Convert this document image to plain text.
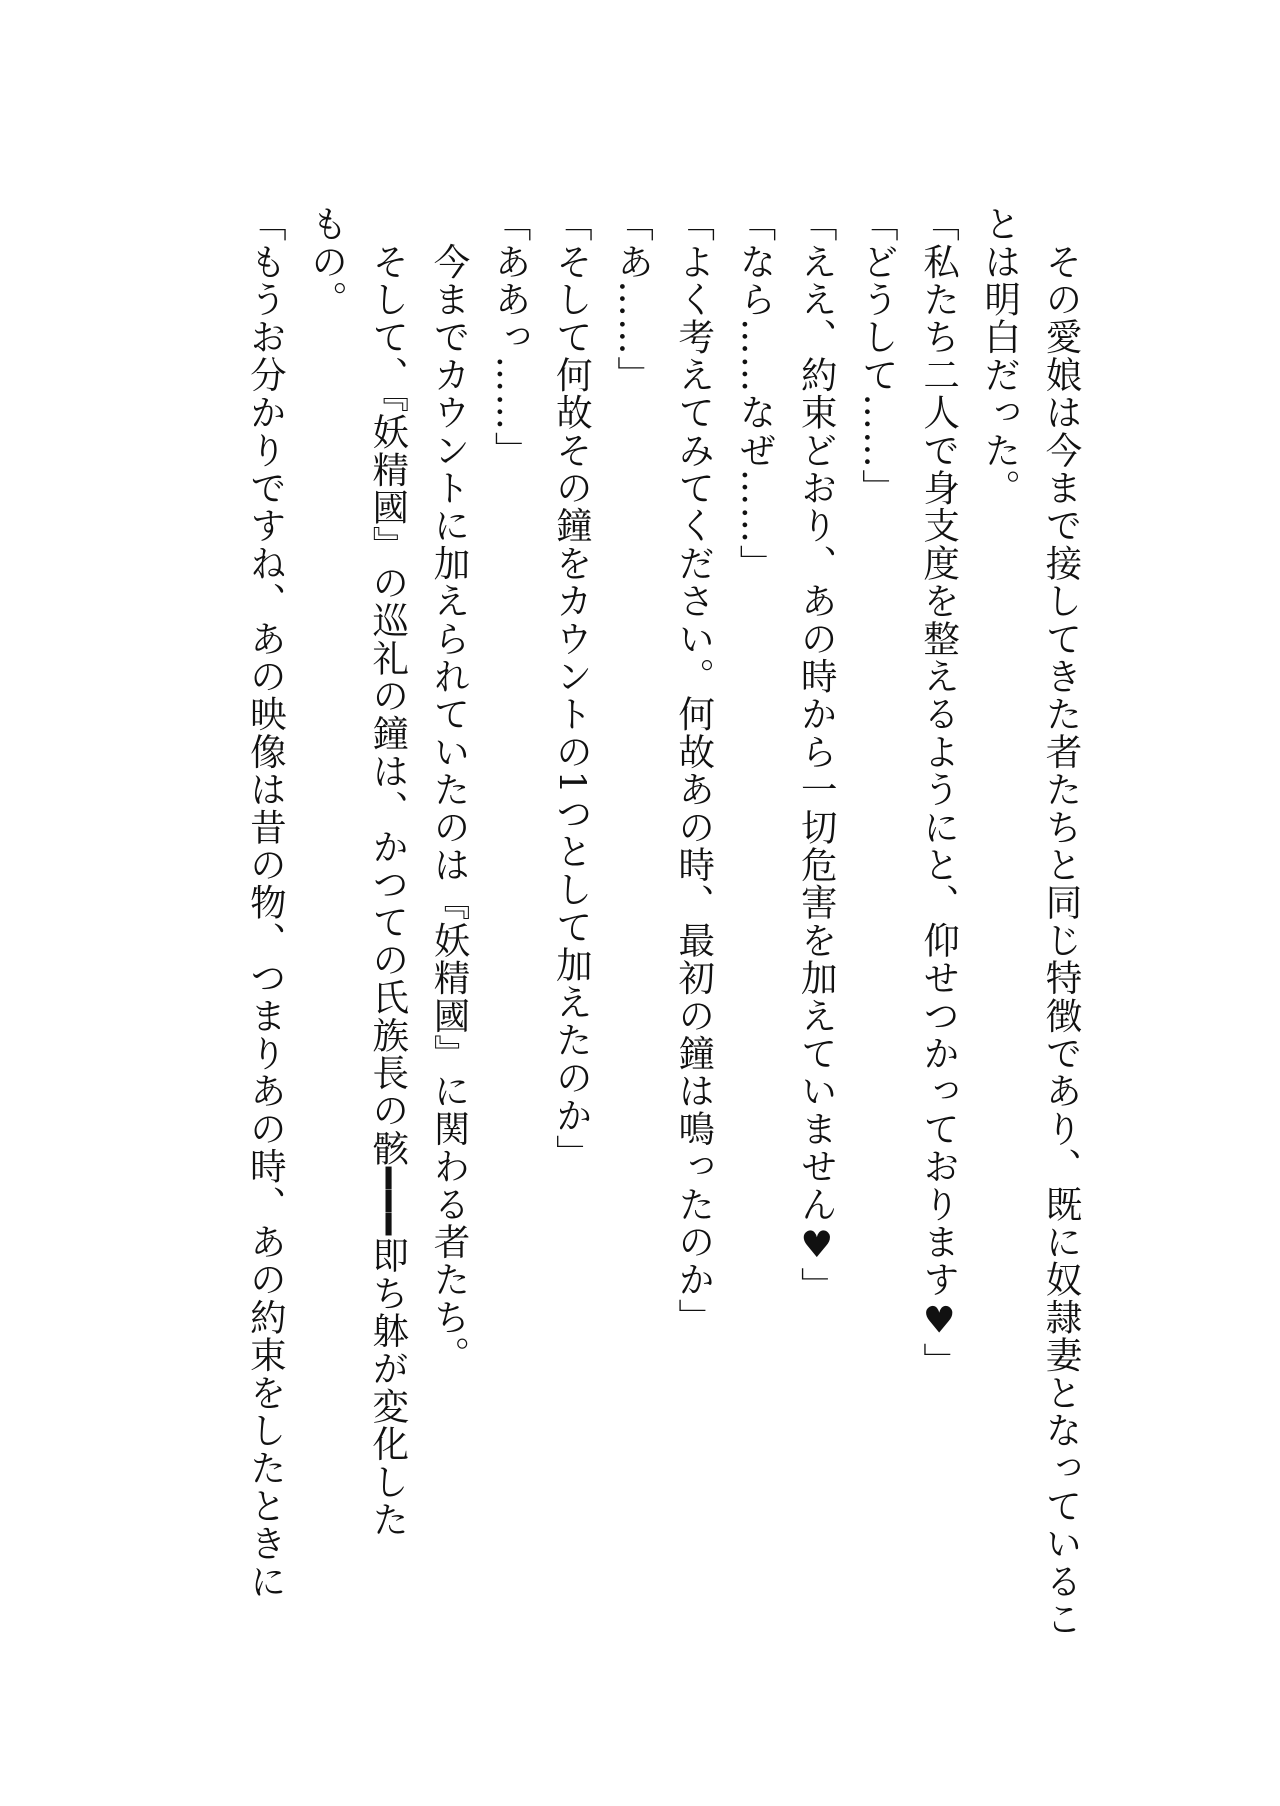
　その愛娘は今まで接してきた者たちと同じ特徴であり、既に奴隷妻となっているこ
とは明白だった。
「私たち二人で身支度を整えるようにと、仰せつかっております♥」
「どうして……」
「ええ、約束どおり、あの時から一切危害を加えていません♥」
「なら……なぜ……」
「よく考えてみてください。何故あの時、最初の鐘は鳴ったのか」
「あ……」
「そして何故その鐘をカウントの1つとして加えたのか」
「ああっ……」
　今までカウントに加えられていたのは『妖精國』に関わる者たち。
　そして、『妖精國』の巡礼の鐘は、かつての氏族長の骸━━━即ち躰が変化した
もの。
「もうお分かりですね、あの映像は昔の物、つまりあの時、あの約束をしたときに
